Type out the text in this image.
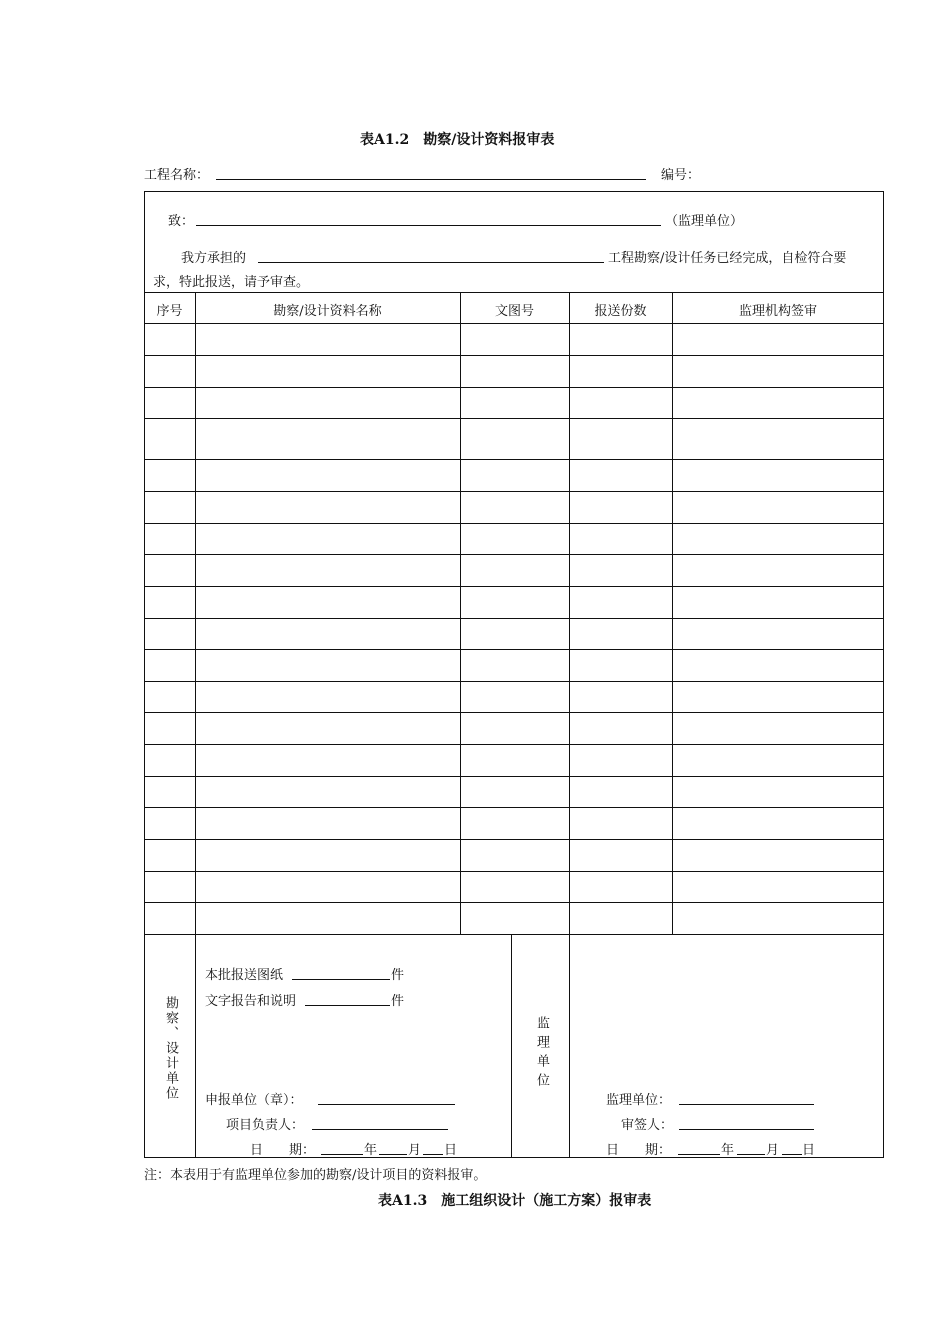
表A1.2　勘察/设计资料报审表
工程名称：	编号：
致：	（监理单位）
我方承担的	工程勘察/设计任务已经完成，自检符合要
求，特此报送，请予审查。
序号	勘察/设计资料名称	文图号	报送份数	监理机构签审
勘察、设计单位	监理单位
本批报送图纸	件
文字报告和说明	件
申报单位（章）：
项目负责人：
日　　期：	年 月 日
监理单位：
审签人：
日　　期：	年 月 日
注：本表用于有监理单位参加的勘察/设计项目的资料报审。
表A1.3　施工组织设计（施工方案）报审表
